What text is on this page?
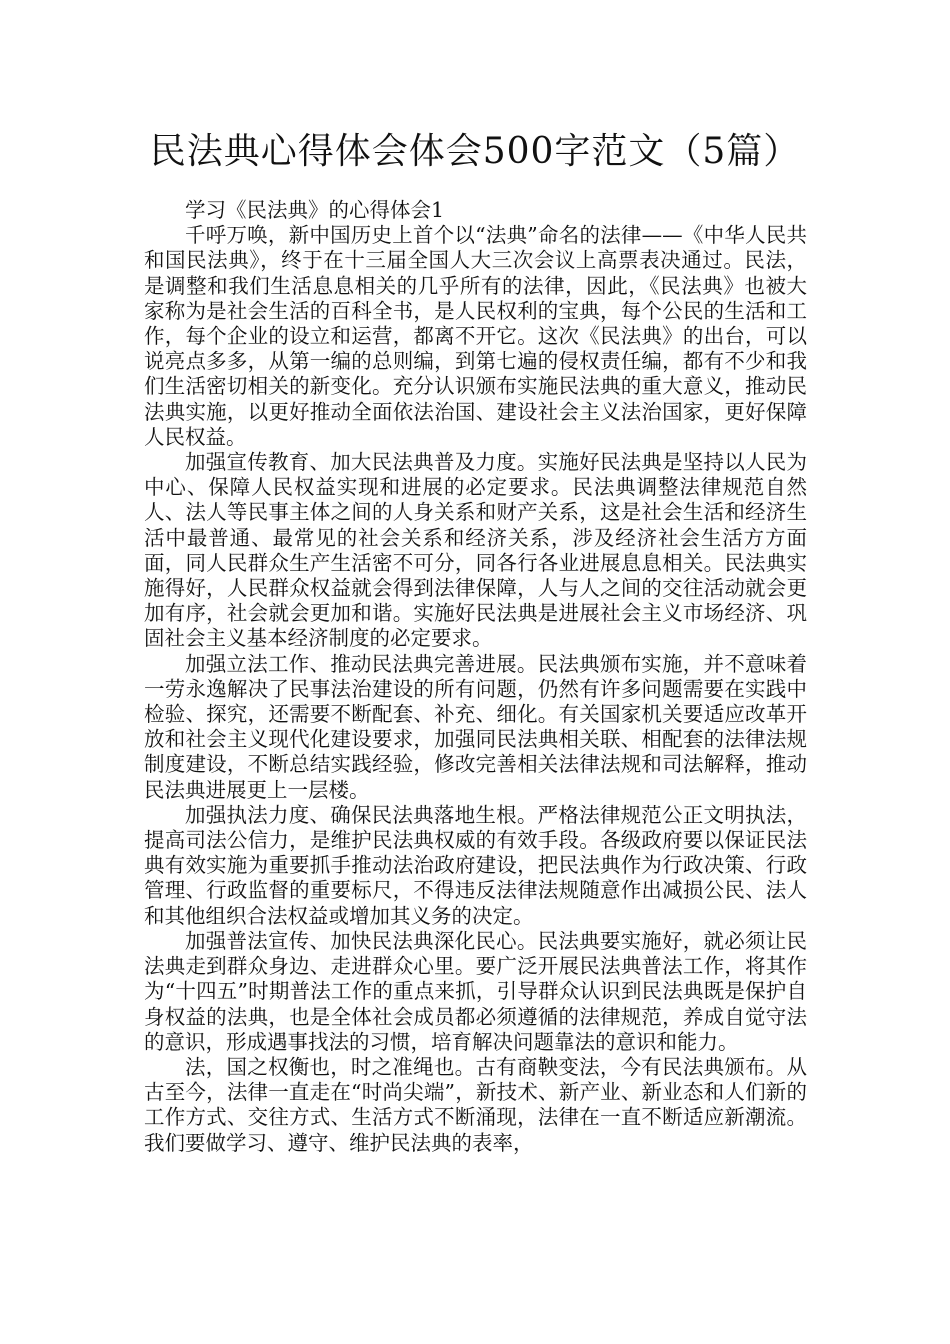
民法典心得体会体会500字范文（5篇）
学习《民法典》的心得体会1

千呼万唤，新中国历史上首个以“法典”命名的法律——《中华人民共和国民法典》，终于在十三届全国人大三次会议上高票表决通过。民法，是调整和我们生活息息相关的几乎所有的法律，因此，《民法典》也被大家称为是社会生活的百科全书，是人民权利的宝典，每个公民的生活和工作，每个企业的设立和运营，都离不开它。这次《民法典》的出台，可以说亮点多多，从第一编的总则编，到第七遍的侵权责任编，都有不少和我们生活密切相关的新变化。充分认识颁布实施民法典的重大意义，推动民法典实施，以更好推动全面依法治国、建设社会主义法治国家，更好保障人民权益。

加强宣传教育、加大民法典普及力度。实施好民法典是坚持以人民为中心、保障人民权益实现和进展的必定要求。民法典调整法律规范自然人、法人等民事主体之间的人身关系和财产关系，这是社会生活和经济生活中最普通、最常见的社会关系和经济关系，涉及经济社会生活方方面面，同人民群众生产生活密不可分，同各行各业进展息息相关。民法典实施得好，人民群众权益就会得到法律保障，人与人之间的交往活动就会更加有序，社会就会更加和谐。实施好民法典是进展社会主义市场经济、巩固社会主义基本经济制度的必定要求。

加强立法工作、推动民法典完善进展。民法典颁布实施，并不意味着一劳永逸解决了民事法治建设的所有问题，仍然有许多问题需要在实践中检验、探究，还需要不断配套、补充、细化。有关国家机关要适应改革开放和社会主义现代化建设要求，加强同民法典相关联、相配套的法律法规制度建设，不断总结实践经验，修改完善相关法律法规和司法解释，推动民法典进展更上一层楼。

加强执法力度、确保民法典落地生根。严格法律规范公正文明执法，提高司法公信力，是维护民法典权威的有效手段。各级政府要以保证民法典有效实施为重要抓手推动法治政府建设，把民法典作为行政决策、行政管理、行政监督的重要标尺，不得违反法律法规随意作出减损公民、法人和其他组织合法权益或增加其义务的决定。

加强普法宣传、加快民法典深化民心。民法典要实施好，就必须让民法典走到群众身边、走进群众心里。要广泛开展民法典普法工作，将其作为“十四五”时期普法工作的重点来抓，引导群众认识到民法典既是保护自身权益的法典，也是全体社会成员都必须遵循的法律规范，养成自觉守法的意识，形成遇事找法的习惯，培育解决问题靠法的意识和能力。

法，国之权衡也，时之准绳也。古有商鞅变法，今有民法典颁布。从古至今，法律一直走在“时尚尖端”，新技术、新产业、新业态和人们新的工作方式、交往方式、生活方式不断涌现，法律在一直不断适应新潮流。我们要做学习、遵守、维护民法典的表率，
